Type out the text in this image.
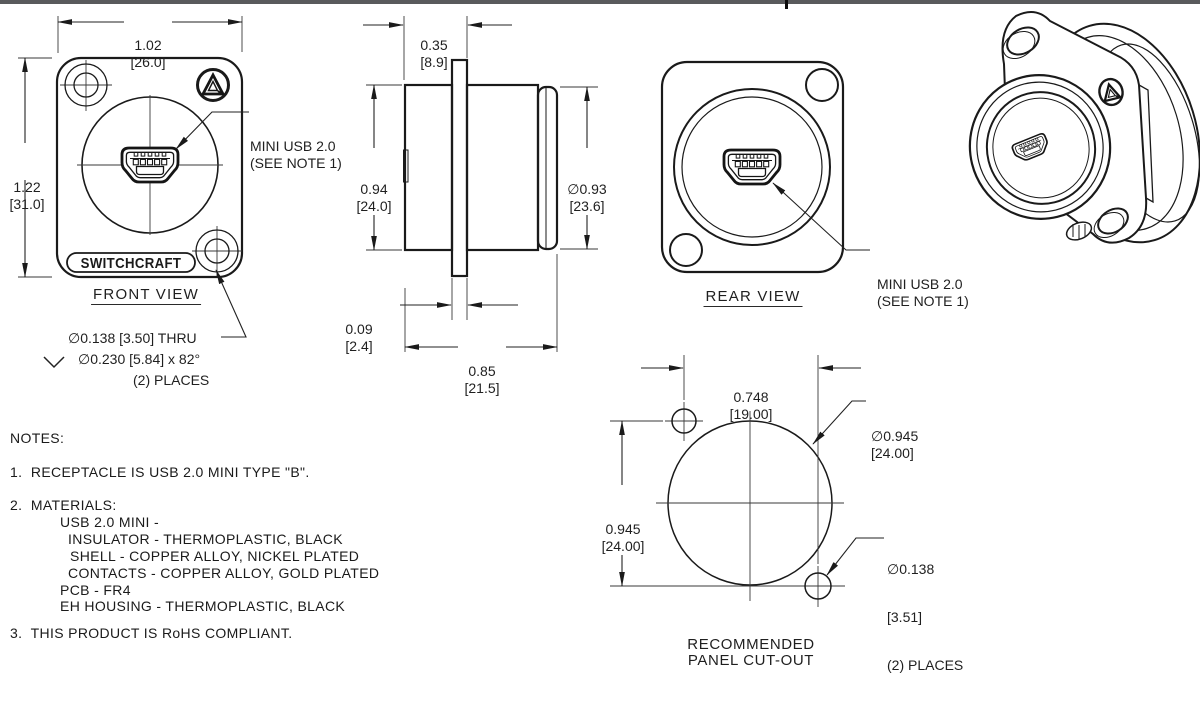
1.02
[26.0]

1.22
[31.0]

MINI USB 2.0
(SEE NOTE 1)

SWITCHCRAFT
FRONT VIEW
∅0.138 [3.50] THRU
∅0.230 [5.84] x 82°
(2) PLACES

0.35
[8.9]

0.94
[24.0]

∅0.93
[23.6]

0.09
[2.4]

0.85
[21.5]

MINI USB 2.0
(SEE NOTE 1)

REAR VIEW

0.748
[19.00]

0.945
[24.00]

∅0.945
[24.00]

∅0.138

[3.51]

(2) PLACES

RECOMMENDED
PANEL CUT-OUT

NOTES:
1.  RECEPTACLE IS USB 2.0 MINI TYPE "B".
2.  MATERIALS:
USB 2.0 MINI -
INSULATOR - THERMOPLASTIC, BLACK
SHELL - COPPER ALLOY, NICKEL PLATED
CONTACTS - COPPER ALLOY, GOLD PLATED
PCB - FR4
EH HOUSING - THERMOPLASTIC, BLACK
3.  THIS PRODUCT IS RoHS COMPLIANT.
